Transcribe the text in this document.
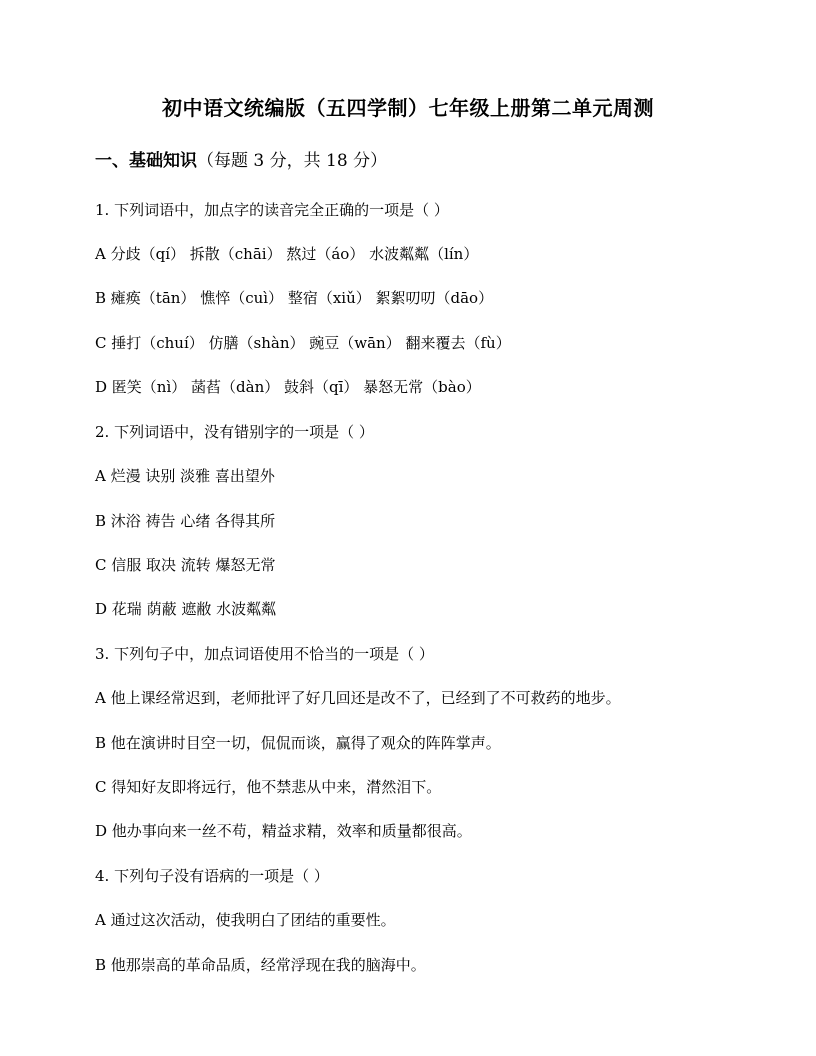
初中语文统编版（五四学制）七年级上册第二单元周测
一、基础知识（每题 3 分，共 18 分）
1. 下列词语中，加点字的读音完全正确的一项是（ ）
A 分歧（qí） 拆散（chāi） 熬过（áo） 水波粼粼（lín）
B 瘫痪（tān） 憔悴（cuì） 整宿（xiǔ） 絮絮叨叨（dāo）
C 捶打（chuí） 仿膳（shàn） 豌豆（wān） 翻来覆去（fù）
D 匿笑（nì） 菡萏（dàn） 鼓斜（qī） 暴怒无常（bào）
2. 下列词语中，没有错别字的一项是（ ）
A 烂漫 诀别 淡雅 喜出望外
B 沐浴 祷告 心绪 各得其所
C 信服 取决 流转 爆怒无常
D 花瑞 荫蔽 遮敝 水波粼粼
3. 下列句子中，加点词语使用不恰当的一项是（ ）
A 他上课经常迟到，老师批评了好几回还是改不了，已经到了不可救药的地步。
B 他在演讲时目空一切，侃侃而谈，赢得了观众的阵阵掌声。
C 得知好友即将远行，他不禁悲从中来，潸然泪下。
D 他办事向来一丝不苟，精益求精，效率和质量都很高。
4. 下列句子没有语病的一项是（ ）
A 通过这次活动，使我明白了团结的重要性。
B 他那崇高的革命品质，经常浮现在我的脑海中。
